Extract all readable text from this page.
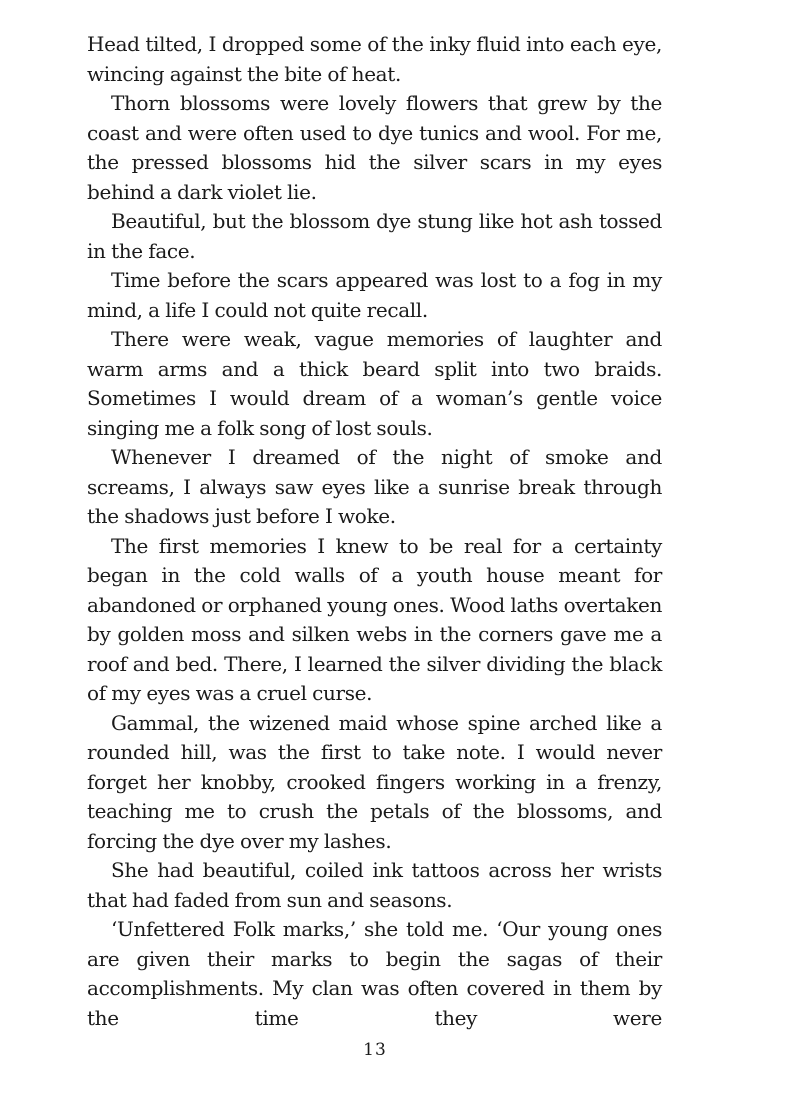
Head tilted, I dropped some of the inky fluid into each eye, wincing against the bite of heat.

Thorn blossoms were lovely flowers that grew by the coast and were often used to dye tunics and wool. For me, the pressed blossoms hid the silver scars in my eyes behind a dark violet lie.

Beautiful, but the blossom dye stung like hot ash tossed in the face.

Time before the scars appeared was lost to a fog in my mind, a life I could not quite recall.

There were weak, vague memories of laughter and warm arms and a thick beard split into two braids. Sometimes I would dream of a woman’s gentle voice singing me a folk song of lost souls.

Whenever I dreamed of the night of smoke and screams, I always saw eyes like a sunrise break through the shadows just before I woke.

The first memories I knew to be real for a certainty began in the cold walls of a youth house meant for abandoned or orphaned young ones. Wood laths overtaken by golden moss and silken webs in the corners gave me a roof and bed. There, I learned the silver dividing the black of my eyes was a cruel curse.

Gammal, the wizened maid whose spine arched like a rounded hill, was the first to take note. I would never forget her knobby, crooked fingers working in a frenzy, teaching me to crush the petals of the blossoms, and forcing the dye over my lashes.

She had beautiful, coiled ink tattoos across her wrists that had faded from sun and seasons.

‘Unfettered Folk marks,’ she told me. ‘Our young ones are given their marks to begin the sagas of their accomplishments. My clan was often covered in them by the time they were

13
